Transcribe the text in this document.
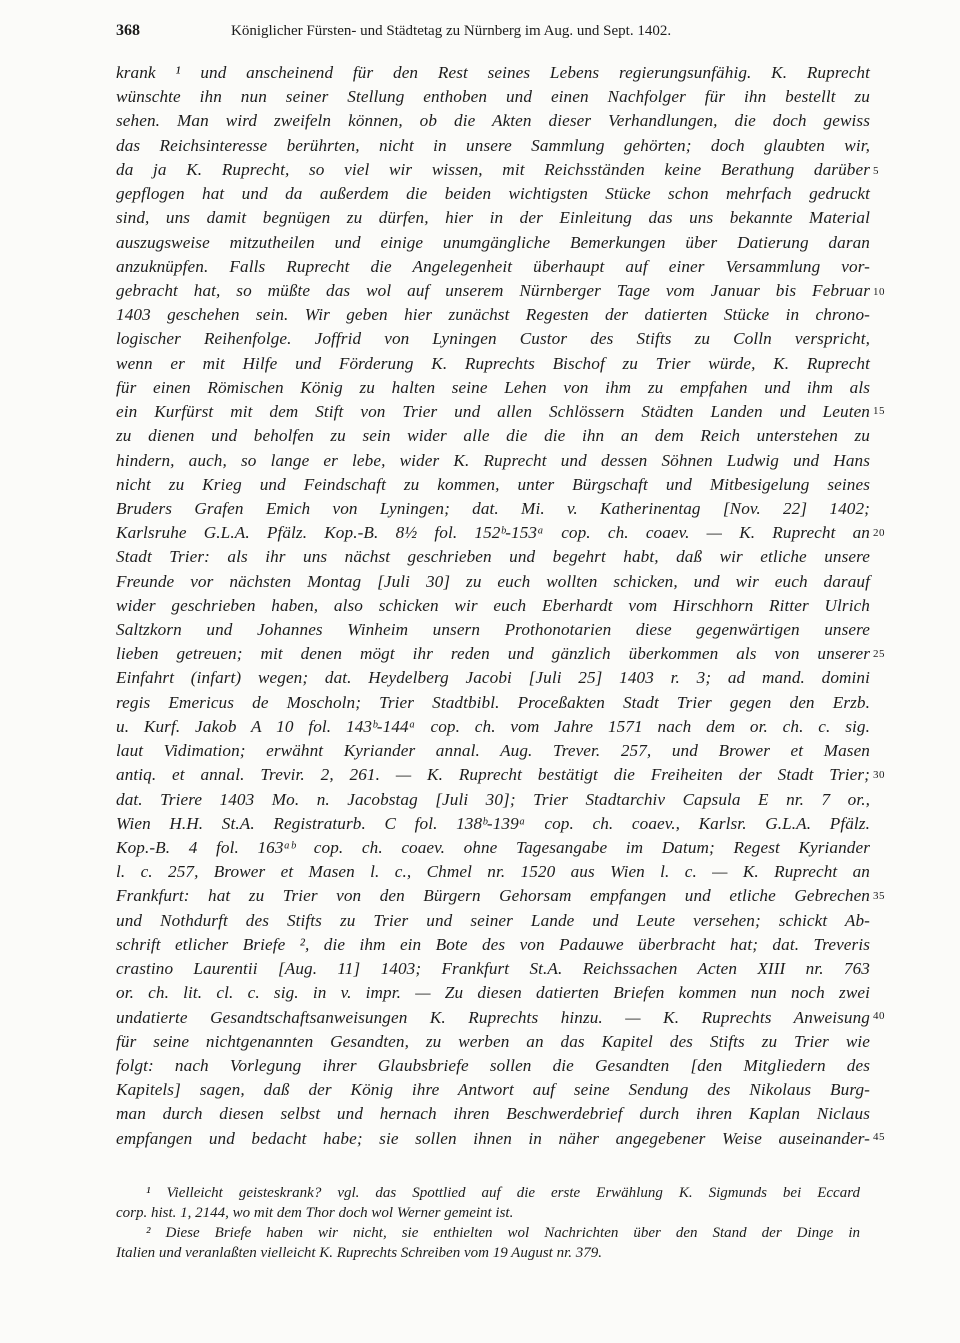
368	Königlicher Fürsten- und Städtetag zu Nürnberg im Aug. und Sept. 1402.
krank ¹ und anscheinend für den Rest seines Lebens regierungsunfähig. K. Ruprecht
wünschte ihn nun seiner Stellung enthoben und einen Nachfolger für ihn bestellt zu
sehen. Man wird zweifeln können, ob die Akten dieser Verhandlungen, die doch gewiss
das Reichsinteresse berührten, nicht in unsere Sammlung gehörten; doch glaubten wir,
da ja K. Ruprecht, so viel wir wissen, mit Reichsständen keine Berathung darüber
gepflogen hat und da außerdem die beiden wichtigsten Stücke schon mehrfach gedruckt
sind, uns damit begnügen zu dürfen, hier in der Einleitung das uns bekannte Material
auszugsweise mitzutheilen und einige unumgängliche Bemerkungen über Datierung daran
anzuknüpfen. Falls Ruprecht die Angelegenheit überhaupt auf einer Versammlung vor-
gebracht hat, so müßte das wol auf unserem Nürnberger Tage vom Januar bis Februar
1403 geschehen sein. Wir geben hier zunächst Regesten der datierten Stücke in chrono-
logischer Reihenfolge. Joffrid von Lyningen Custor des Stifts zu Colln verspricht,
wenn er mit Hilfe und Förderung K. Ruprechts Bischof zu Trier würde, K. Ruprecht
für einen Römischen König zu halten seine Lehen von ihm zu empfahen und ihm als
ein Kurfürst mit dem Stift von Trier und allen Schlössern Städten Landen und Leuten
zu dienen und beholfen zu sein wider alle die die ihn an dem Reich unterstehen zu
hindern, auch, so lange er lebe, wider K. Ruprecht und dessen Söhnen Ludwig und Hans
nicht zu Krieg und Feindschaft zu kommen, unter Bürgschaft und Mitbesigelung seines
Bruders Grafen Emich von Lyningen; dat. Mi. v. Katherinentag [Nov. 22] 1402;
Karlsruhe G.L.A. Pfälz. Kop.-B. 8½ fol. 152ᵇ-153ᵃ cop. ch. coaev. — K. Ruprecht an
Stadt Trier: als ihr uns nächst geschrieben und begehrt habt, daß wir etliche unsere
Freunde vor nächsten Montag [Juli 30] zu euch wollten schicken, und wir euch darauf
wider geschrieben haben, also schicken wir euch Eberhardt vom Hirschhorn Ritter Ulrich
Saltzkorn und Johannes Winheim unsern Prothonotarien diese gegenwärtigen unsere
lieben getreuen; mit denen mögt ihr reden und gänzlich überkommen als von unserer
Einfahrt (infart) wegen; dat. Heydelberg Jacobi [Juli 25] 1403 r. 3; ad mand. domini
regis Emericus de Moscholn; Trier Stadtbibl. Proceßakten Stadt Trier gegen den Erzb.
u. Kurf. Jakob A 10 fol. 143ᵇ-144ᵃ cop. ch. vom Jahre 1571 nach dem or. ch. c. sig.
laut Vidimation; erwähnt Kyriander annal. Aug. Trever. 257, und Brower et Masen
antiq. et annal. Trevir. 2, 261. — K. Ruprecht bestätigt die Freiheiten der Stadt Trier;
dat. Triere 1403 Mo. n. Jacobstag [Juli 30]; Trier Stadtarchiv Capsula E nr. 7 or.,
Wien H.H. St.A. Registraturb. C fol. 138ᵇ-139ᵃ cop. ch. coaev., Karlsr. G.L.A. Pfälz.
Kop.-B. 4 fol. 163ᵃᵇ cop. ch. coaev. ohne Tagesangabe im Datum; Regest Kyriander
l. c. 257, Brower et Masen l. c., Chmel nr. 1520 aus Wien l. c. — K. Ruprecht an
Frankfurt: hat zu Trier von den Bürgern Gehorsam empfangen und etliche Gebrechen
und Nothdurft des Stifts zu Trier und seiner Lande und Leute versehen; schickt Ab-
schrift etlicher Briefe ², die ihm ein Bote des von Padauwe überbracht hat; dat. Treveris
crastino Laurentii [Aug. 11] 1403; Frankfurt St.A. Reichssachen Acten XIII nr. 763
or. ch. lit. cl. c. sig. in v. impr. — Zu diesen datierten Briefen kommen nun noch zwei
undatierte Gesandtschaftsanweisungen K. Ruprechts hinzu. — K. Ruprechts Anweisung
für seine nichtgenannten Gesandten, zu werben an das Kapitel des Stifts zu Trier wie
folgt: nach Vorlegung ihrer Glaubsbriefe sollen die Gesandten [den Mitgliedern des
Kapitels] sagen, daß der König ihre Antwort auf seine Sendung des Nikolaus Burg-
man durch diesen selbst und hernach ihren Beschwerdebrief durch ihren Kaplan Niclaus
empfangen und bedacht habe; sie sollen ihnen in näher angegebener Weise auseinander-
5
10
15
20
25
30
35
40
45
¹ Vielleicht geisteskrank? vgl. das Spottlied auf die erste Erwählung K. Sigmunds bei Eccard
corp. hist. 1, 2144, wo mit dem Thor doch wol Werner gemeint ist.
² Diese Briefe haben wir nicht, sie enthielten wol Nachrichten über den Stand der Dinge in
Italien und veranlaßten vielleicht K. Ruprechts Schreiben vom 19 August nr. 379.
